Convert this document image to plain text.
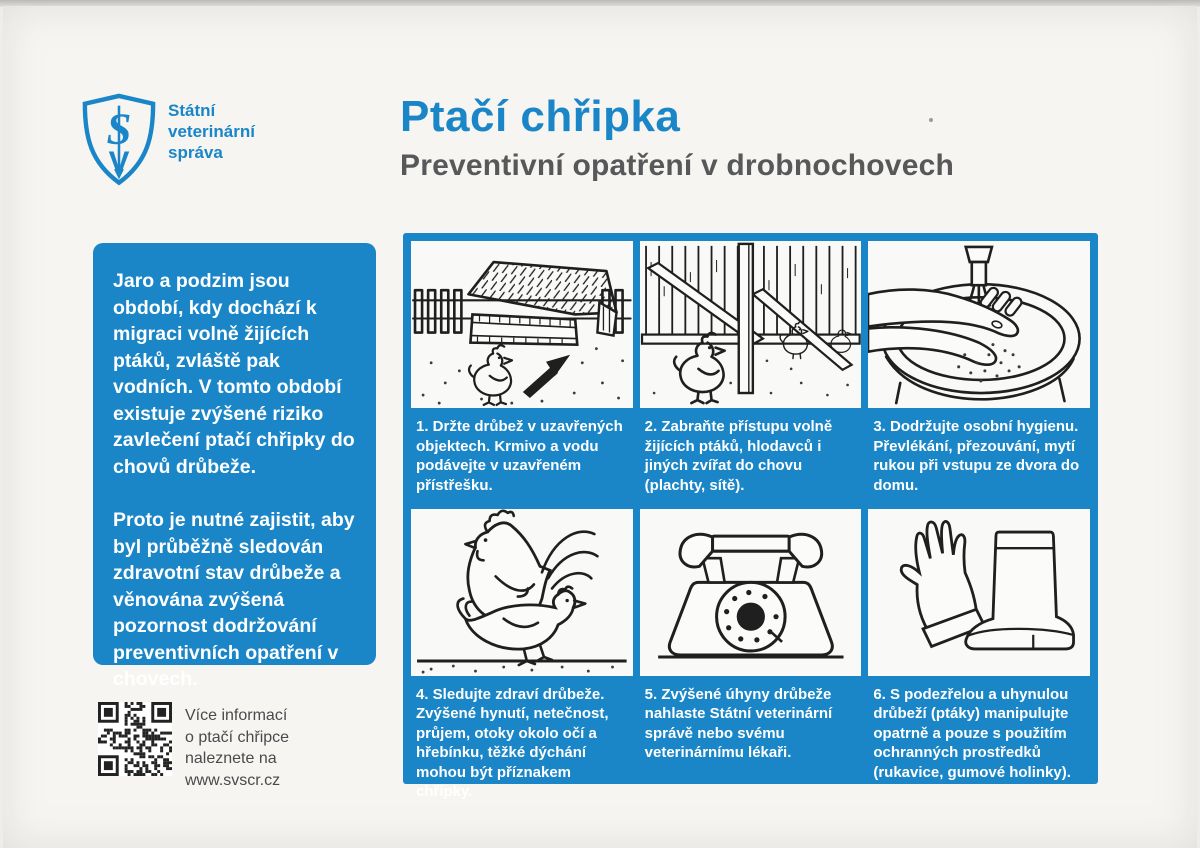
S
V
Státní
veterinární
správa
Ptačí chřipka
Preventivní opatření v drobnochovech

Jaro a podzim jsou období, kdy dochází k migraci volně žijících ptáků, zvláště pak vodních. V tomto období existuje zvýšené riziko zavlečení ptačí chřipky do chovů drůbeže.

Proto je nutné zajistit, aby byl průběžně sledován zdravotní stav drůbeže a věnována zvýšená pozornost dodržování preventivních opatření v chovech.

1. Držte drůbež v uzavřených objektech. Krmivo a vodu podávejte v uzavřeném přístřešku.
2. Zabraňte přístupu volně žijících ptáků, hlodavců i jiných zvířat do chovu (plachty, sítě).
3. Dodržujte osobní hygienu. Převlékání, přezouvání, mytí rukou při vstupu ze dvora do domu.
4. Sledujte zdraví drůbeže. Zvýšené hynutí, netečnost, průjem, otoky okolo očí a hřebínku, těžké dýchání mohou být příznakem chřipky.
5. Zvýšené úhyny drůbeže nahlaste Státní veterinární správě nebo svému veterinárnímu lékaři.
6. S podezřelou a uhynulou drůbeží (ptáky) manipulujte opatrně a pouze s použitím ochranných prostředků (rukavice, gumové holinky).
Více informací
o ptačí chřipce
naleznete na
www.svscr.cz
